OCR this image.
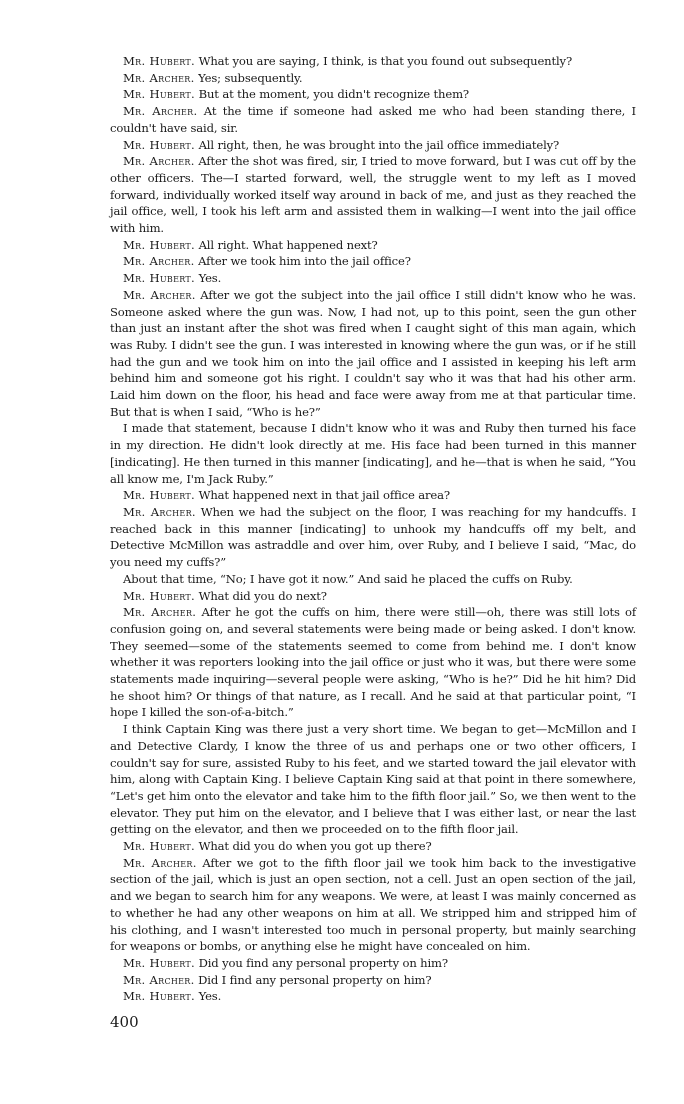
Mr. Hubert. What you are saying, I think, is that you found out subsequently?

Mr. Archer. Yes; subsequently.

Mr. Hubert. But at the moment, you didn't recognize them?

Mr. Archer. At the time if someone had asked me who had been standing there, I couldn't have said, sir.

Mr. Hubert. All right, then, he was brought into the jail office immediately?

Mr. Archer. After the shot was fired, sir, I tried to move forward, but I was cut off by the other officers. The—I started forward, well, the struggle went to my left as I moved forward, individually worked itself way around in back of me, and just as they reached the jail office, well, I took his left arm and assisted them in walking—I went into the jail office with him.

Mr. Hubert. All right. What happened next?

Mr. Archer. After we took him into the jail office?

Mr. Hubert. Yes.

Mr. Archer. After we got the subject into the jail office I still didn't know who he was. Someone asked where the gun was. Now, I had not, up to this point, seen the gun other than just an instant after the shot was fired when I caught sight of this man again, which was Ruby. I didn't see the gun. I was interested in knowing where the gun was, or if he still had the gun and we took him on into the jail office and I assisted in keeping his left arm behind him and someone got his right. I couldn't say who it was that had his other arm. Laid him down on the floor, his head and face were away from me at that particular time. But that is when I said, “Who is he?”

I made that statement, because I didn't know who it was and Ruby then turned his face in my direction. He didn't look directly at me. His face had been turned in this manner [indicating]. He then turned in this manner [indicating], and he—that is when he said, “You all know me, I'm Jack Ruby.”

Mr. Hubert. What happened next in that jail office area?

Mr. Archer. When we had the subject on the floor, I was reaching for my handcuffs. I reached back in this manner [indicating] to unhook my handcuffs off my belt, and Detective McMillon was astraddle and over him, over Ruby, and I believe I said, “Mac, do you need my cuffs?”

About that time, “No; I have got it now.” And said he placed the cuffs on Ruby.

Mr. Hubert. What did you do next?

Mr. Archer. After he got the cuffs on him, there were still—oh, there was still lots of confusion going on, and several statements were being made or being asked. I don't know. They seemed—some of the statements seemed to come from behind me. I don't know whether it was reporters looking into the jail office or just who it was, but there were some statements made inquiring—several people were asking, “Who is he?” Did he hit him? Did he shoot him? Or things of that nature, as I recall. And he said at that particular point, “I hope I killed the son-of-a-bitch.”

I think Captain King was there just a very short time. We began to get—McMillon and I and Detective Clardy, I know the three of us and perhaps one or two other officers, I couldn't say for sure, assisted Ruby to his feet, and we started toward the jail elevator with him, along with Captain King. I believe Captain King said at that point in there somewhere, “Let's get him onto the elevator and take him to the fifth floor jail.” So, we then went to the elevator. They put him on the elevator, and I believe that I was either last, or near the last getting on the elevator, and then we proceeded on to the fifth floor jail.

Mr. Hubert. What did you do when you got up there?

Mr. Archer. After we got to the fifth floor jail we took him back to the investigative section of the jail, which is just an open section, not a cell. Just an open section of the jail, and we began to search him for any weapons. We were, at least I was mainly concerned as to whether he had any other weapons on him at all. We stripped him and stripped him of his clothing, and I wasn't interested too much in personal property, but mainly searching for weapons or bombs, or anything else he might have concealed on him.

Mr. Hubert. Did you find any personal property on him?

Mr. Archer. Did I find any personal property on him?

Mr. Hubert. Yes.

400
